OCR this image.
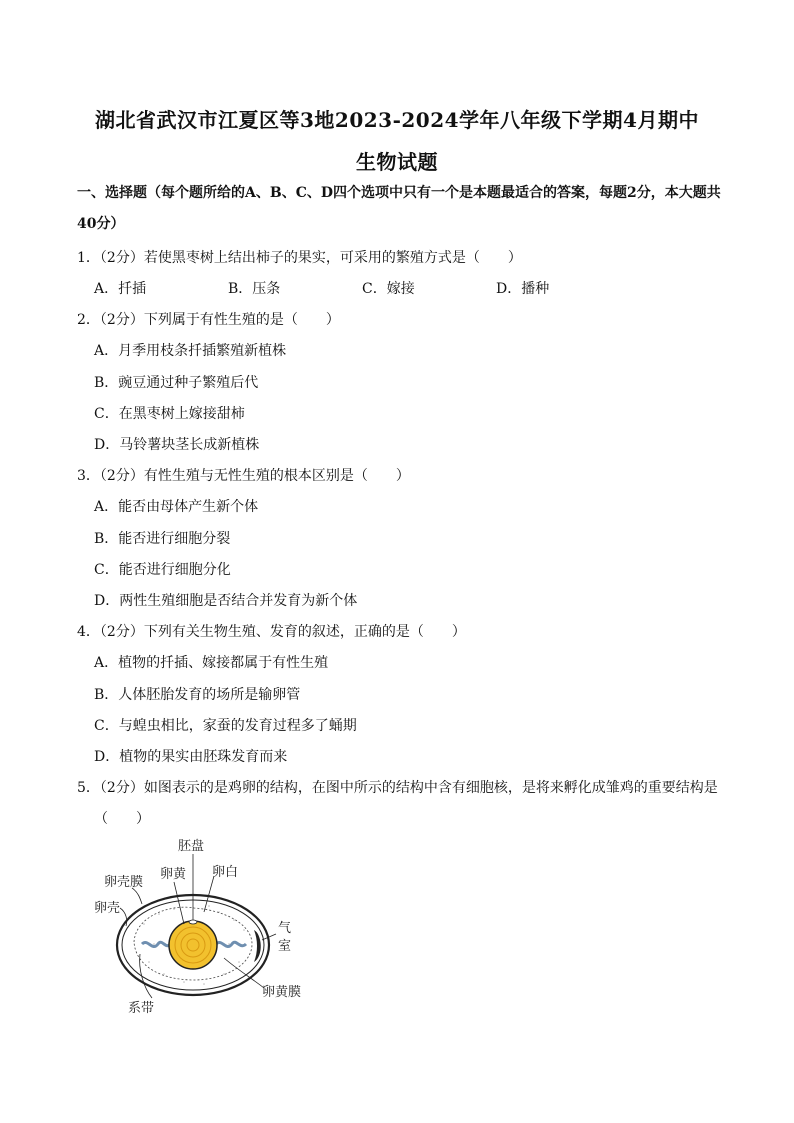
湖北省武汉市江夏区等3地2023-2024学年八年级下学期4月期中
生物试题
一、选择题（每个题所给的A、B、C、D四个选项中只有一个是本题最适合的答案，每题2分，本大题共40分）
1．（2分）若使黑枣树上结出柿子的果实，可采用的繁殖方式是（　　）
A．扦插	B．压条	C．嫁接	D．播种
2．（2分）下列属于有性生殖的是（　　）
A．月季用枝条扦插繁殖新植株
B．豌豆通过种子繁殖后代
C．在黑枣树上嫁接甜柿
D．马铃薯块茎长成新植株
3．（2分）有性生殖与无性生殖的根本区别是（　　）
A．能否由母体产生新个体
B．能否进行细胞分裂
C．能否进行细胞分化
D．两性生殖细胞是否结合并发育为新个体
4．（2分）下列有关生物生殖、发育的叙述，正确的是（　　）
A．植物的扦插、嫁接都属于有性生殖
B．人体胚胎发育的场所是输卵管
C．与蝗虫相比，家蚕的发育过程多了蛹期
D．植物的果实由胚珠发育而来
5．（2分）如图表示的是鸡卵的结构，在图中所示的结构中含有细胞核，是将来孵化成雏鸡的重要结构是
（　　）
胚盘
卵壳膜
卵黄 卵白
卵壳
气
室
卵黄膜
系带
